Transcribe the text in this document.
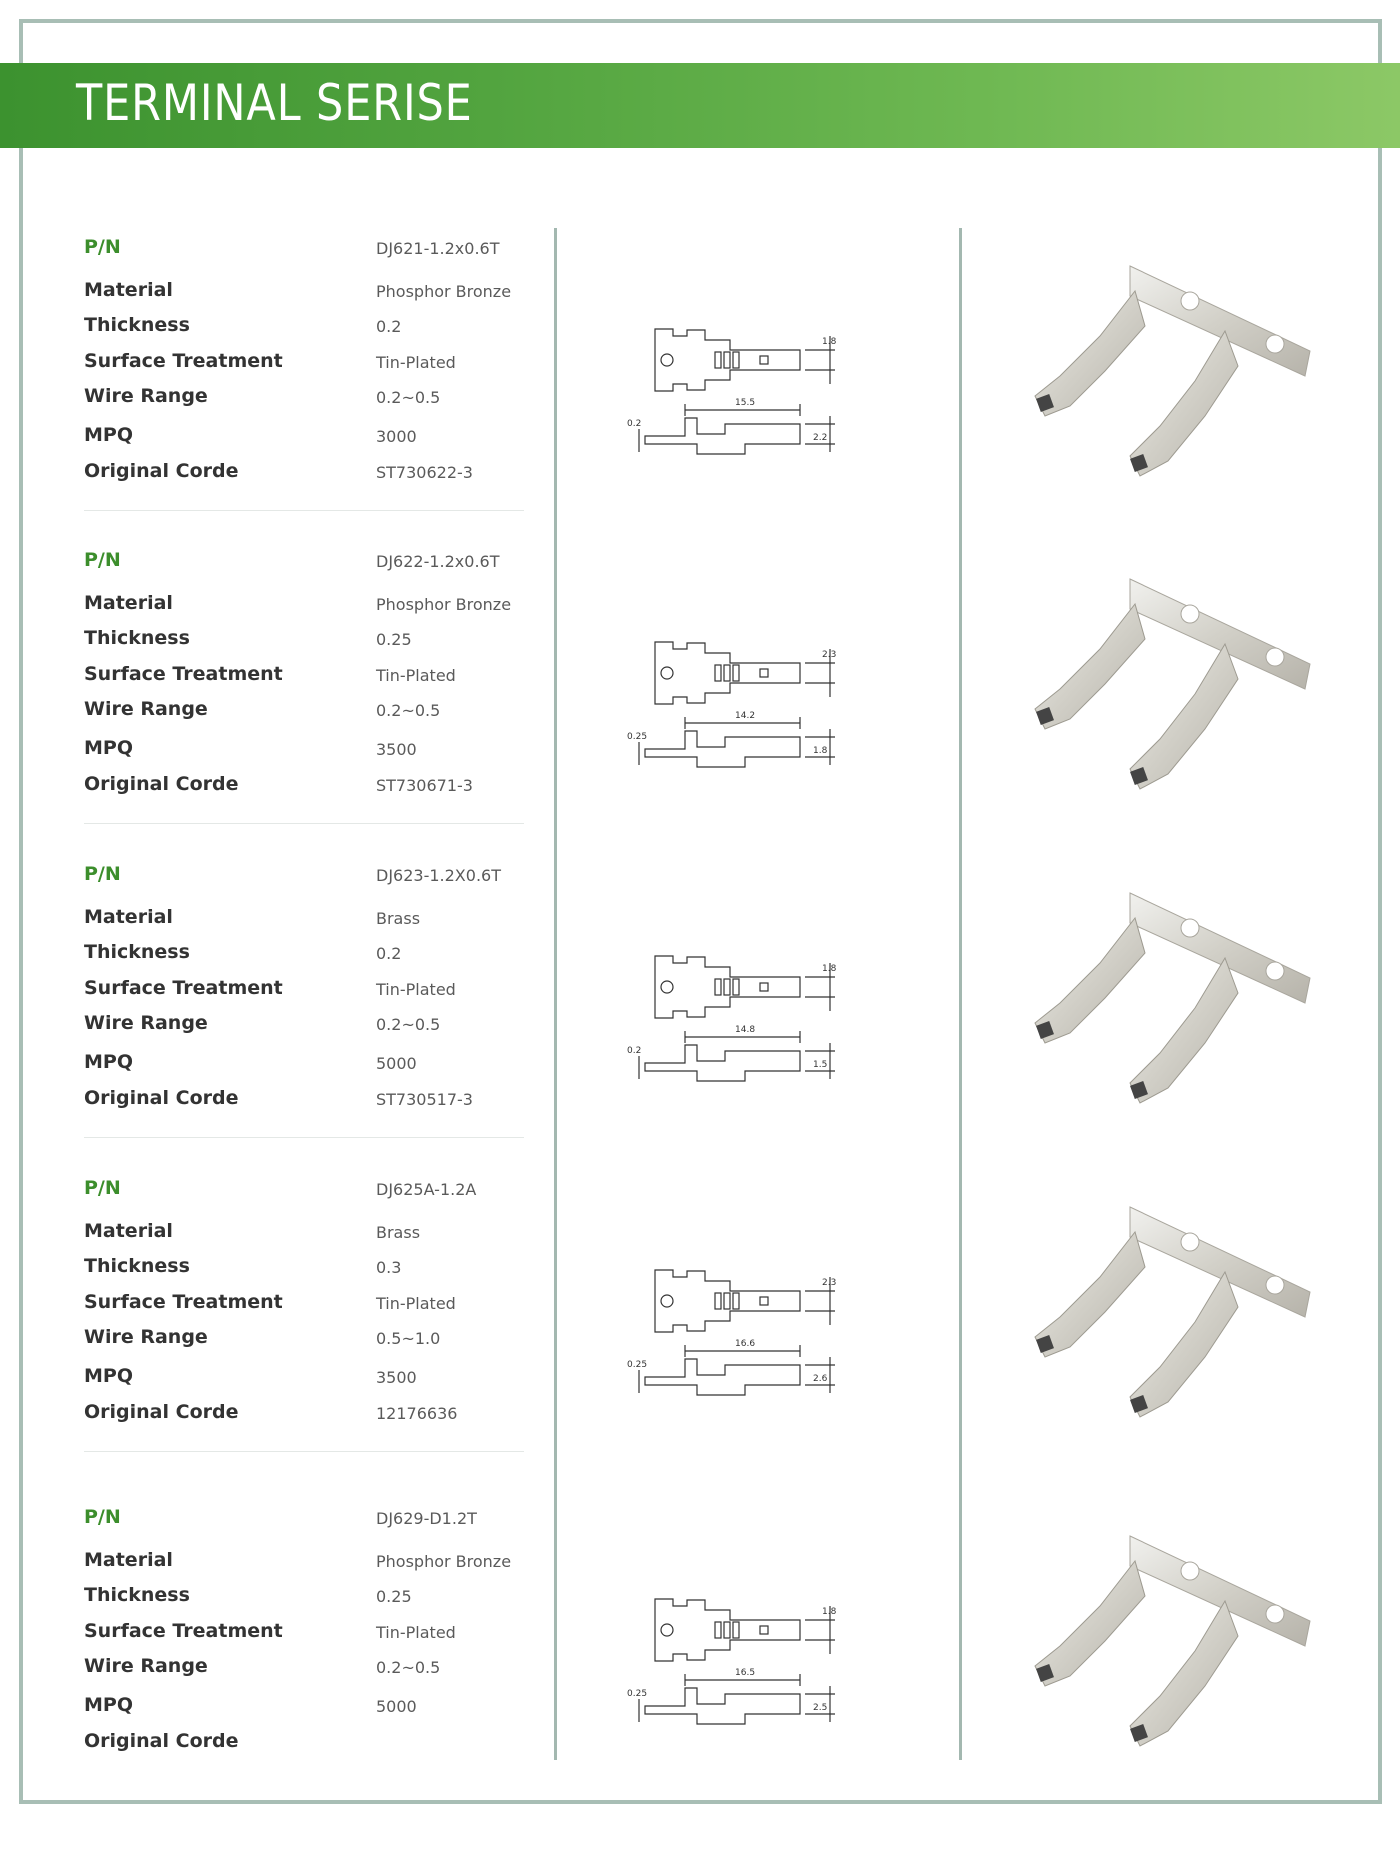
TERMINAL SERISE
P/N	DJ621-1.2x0.6T
Material	Phosphor Bronze
Thickness	0.2
Surface Treatment	Tin-Plated
Wire Range	0.2~0.5
MPQ	3000
Original Corde	ST730622-3
1.8
15.5
0.2
2.2
P/N	DJ622-1.2x0.6T
Material	Phosphor Bronze
Thickness	0.25
Surface Treatment	Tin-Plated
Wire Range	0.2~0.5
MPQ	3500
Original Corde	ST730671-3
2.3
14.2
0.25
1.8
P/N	DJ623-1.2X0.6T
Material	Brass
Thickness	0.2
Surface Treatment	Tin-Plated
Wire Range	0.2~0.5
MPQ	5000
Original Corde	ST730517-3
1.8
14.8
0.2
1.5
P/N	DJ625A-1.2A
Material	Brass
Thickness	0.3
Surface Treatment	Tin-Plated
Wire Range	0.5~1.0
MPQ	3500
Original Corde	12176636
2.3
16.6
0.25
2.6
P/N	DJ629-D1.2T
Material	Phosphor Bronze
Thickness	0.25
Surface Treatment	Tin-Plated
Wire Range	0.2~0.5
MPQ	5000
Original Corde
1.8
16.5
0.25
2.5
